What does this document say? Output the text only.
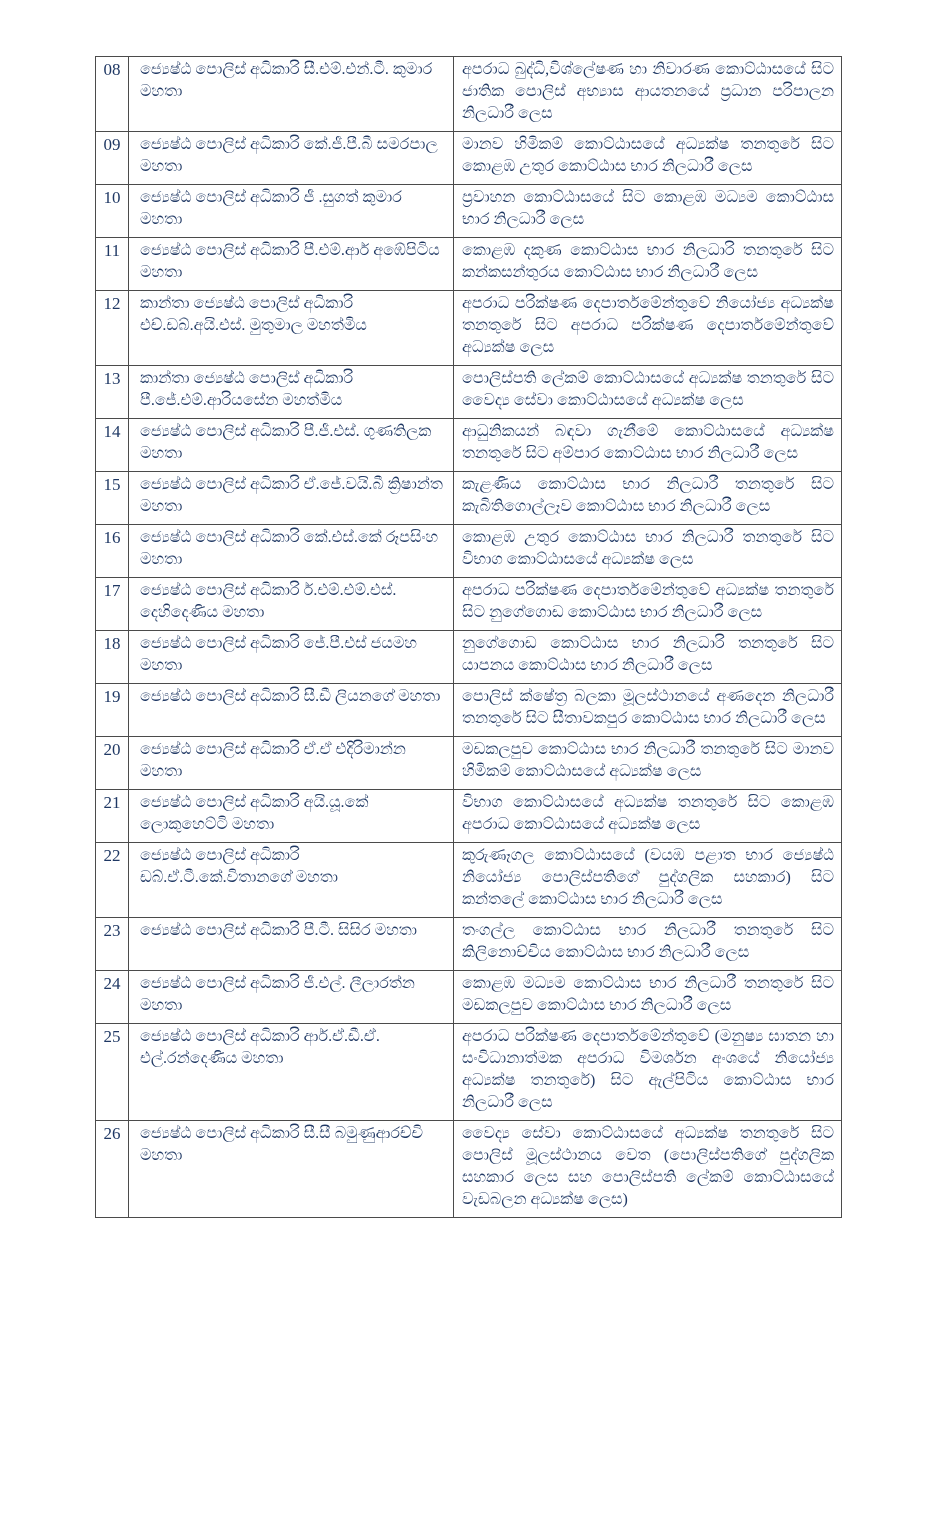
08	ජ්‍යෙෂ්ඨ පොලිස් අධිකාරි සී.එම්.එන්.ටී. කුමාර මහතා	අපරාධ බුද්ධි,විශ්ලේෂණ හා නිවාරණ කොට්ඨාසයේ සිට ජාතික පොලිස් අභ්‍යාස ආයතනයේ ප්‍රධාන පරිපාලන නිලධාරී ලෙස
09	ජ්‍යෙෂ්ඨ පොලිස් අධිකාරි කේ.ජී.පී.බී සමරපාල මහතා	මානව හිමිකම් කොට්ඨාසයේ අධ්‍යක්ෂ තනතුරේ සිට කොළඹ උතුර කොට්ඨාස භාර නිලධාරී ලෙස
10	ජ්‍යෙෂ්ඨ පොලිස් අධිකාරි ජී .සුගත් කුමාර මහතා	ප්‍රවාහන කොට්ඨාසයේ සිට කොළඹ මධ්‍යම කොට්ඨාස භාර නිලධාරී ලෙස
11	ජ්‍යෙෂ්ඨ පොලිස් අධිකාරි පී.එම්.ආර් අඹේපිටිය මහතා	කොළඹ දකුණ කොට්ඨාස භාර නිලධාරි තනතුරේ සිට කන්කසන්තුරය කොට්ඨාස භාර නිලධාරී ලෙස
12	කාන්තා ජ්‍යෙෂ්ඨ පොලිස් අධිකාරි එච්.ඩබ්.අයි.එස්. මුතුමාල මහත්මිය	අපරාධ පරික්ෂණ දෙපාර්තමේන්තුවේ නියෝජ්‍ය අධ්‍යක්ෂ තනතුරේ සිට අපරාධ පරික්ෂණ දෙපාර්තමේන්තුවේ අධ්‍යක්ෂ ලෙස
13	කාන්තා ජ්‍යෙෂ්ඨ පොලිස් අධිකාරි පී.ජේ.එම්.ආරියසේන මහත්මිය	පොලිස්පති ලේකම් කොට්ඨාසයේ අධ්‍යක්ෂ තනතුරේ සිට වෛද්‍ය සේවා කොට්ඨාසයේ අධ්‍යක්ෂ ලෙස
14	ජ්‍යෙෂ්ඨ පොලිස් අධිකාරි පී.ජී.එස්. ගුණතිලක මහතා	ආධුනිකයන් බඳවා ගැනීමේ කොට්ඨාසයේ අධ්‍යක්ෂ තනතුරේ සිට අම්පාර කොට්ඨාස භාර නිලධාරී ලෙස
15	ජ්‍යෙෂ්ඨ පොලිස් අධිකාරි ඒ.ජේ.වයි.බී ක්‍රිෂාන්ත මහතා	කැළණිය කොට්ඨාස භාර නිලධාරී තනතුරේ සිට කැබිතිගොල්ලෑව කොට්ඨාස භාර නිලධාරී ලෙස
16	ජ්‍යෙෂ්ඨ පොලිස් අධිකාරි කේ.එස්.කේ රූපසිංහ මහතා	කොළඹ උතුර කොට්ඨාස භාර නිලධාරී තනතුරේ සිට විභාග කොට්ඨාසයේ අධ්‍යක්ෂ ලෙස
17	ජ්‍යෙෂ්ඨ පොලිස් අධිකාරි ර්.එම්.එම්.එස්. දෙහිදෙණිය මහතා	අපරාධ පරික්ෂණ දෙපාර්තමේන්තුවේ අධ්‍යක්ෂ තනතුරේ සිට නුගේගොඩ කොට්ඨාස භාර නිලධාරී ලෙස
18	ජ්‍යෙෂ්ඨ පොලිස් අධිකාරි ජේ.පී.එස් ජයමහ මහතා	නුගේගොඩ කොට්ඨාස භාර නිලධාරි තනතුරේ සිට යාපනය කොට්ඨාස භාර නිලධාරී ලෙස
19	ජ්‍යෙෂ්ඨ පොලිස් අධිකාරි සී.ඩී ලියනගේ මහතා	පොලිස් ක්ෂේත්‍ර බලකා මූලස්ථානයේ අණදෙන නිලධාරී තනතුරේ සිට සීතාවකපුර කොට්ඨාස භාර නිලධාරී ලෙස
20	ජ්‍යෙෂ්ඨ පොලිස් අධිකාරි ඒ.ඒ එදිරිමාන්න මහතා	මඩකලපුව කොට්ඨාස භාර නිලධාරී තනතුරේ සිට මානව හිමිකම් කොට්ඨාසයේ අධ්‍යක්ෂ ලෙස
21	ජ්‍යෙෂ්ඨ පොලිස් අධිකාරි අයි.යූ.කේ ලොකුහෙට්ටි මහතා	විභාග කොට්ඨාසයේ අධ්‍යක්ෂ තනතුරේ සිට කොළඹ අපරාධ කොට්ඨාසයේ අධ්‍යක්ෂ ලෙස
22	ජ්‍යෙෂ්ඨ පොලිස් අධිකාරි ඩබ්.ඒ.ටී.කේ.විතානගේ මහතා	කුරුණෑගල කොට්ඨාසයේ (වයඹ පළාත භාර ජ්‍යෙෂ්ඨ නියෝජ්‍ය පොලිස්පතිගේ පුද්ගලික සහකාර) සිට කන්තලේ කොට්ඨාස භාර නිලධාරී ලෙස
23	ජ්‍යෙෂ්ඨ පොලිස් අධිකාරි පී.ටී. සිසිර මහතා	තංගල්ල කොට්ඨාස භාර නිලධාරී තනතුරේ සිට කිලිනොච්චිය කොට්ඨාස භාර නිලධාරී ලෙස
24	ජ්‍යෙෂ්ඨ පොලිස් අධිකාරි ජී.එල්. ලීලාරත්න මහතා	කොළඹ මධ්‍යම කොට්ඨාස භාර නිලධාරී තනතුරේ සිට මඩකලපුව කොට්ඨාස භාර නිලධාරී ලෙස
25	ජ්‍යෙෂ්ඨ පොලිස් අධිකාරි ආර්.ඒ.ඩී.ඒ. එල්.රන්දෙණිය මහතා	අපරාධ පරික්ෂණ දෙපාර්තමේන්තුවේ (මනුෂ්‍ය ඝාතන හා සංවිධානාත්මක අපරාධ විමර්ශන අංශයේ නියෝජ්‍ය අධ්‍යක්ෂ තනතුරේ) සිට ඇල්පිටිය කොට්ඨාස භාර නිලධාරී ලෙස
26	ජ්‍යෙෂ්ඨ පොලිස් අධිකාරි සී.සී බමුණුආරච්චි මහතා	වෛද්‍ය සේවා කොට්ඨාසයේ අධ්‍යක්ෂ තනතුරේ සිට පොලිස් මූලස්ථානය වෙත (පොලිස්පතිගේ පුද්ගලික සහකාර ලෙස සහ පොලිස්පති ලේකම් කොට්ඨාසයේ වැඩබලන අධ්‍යක්ෂ ලෙස)
